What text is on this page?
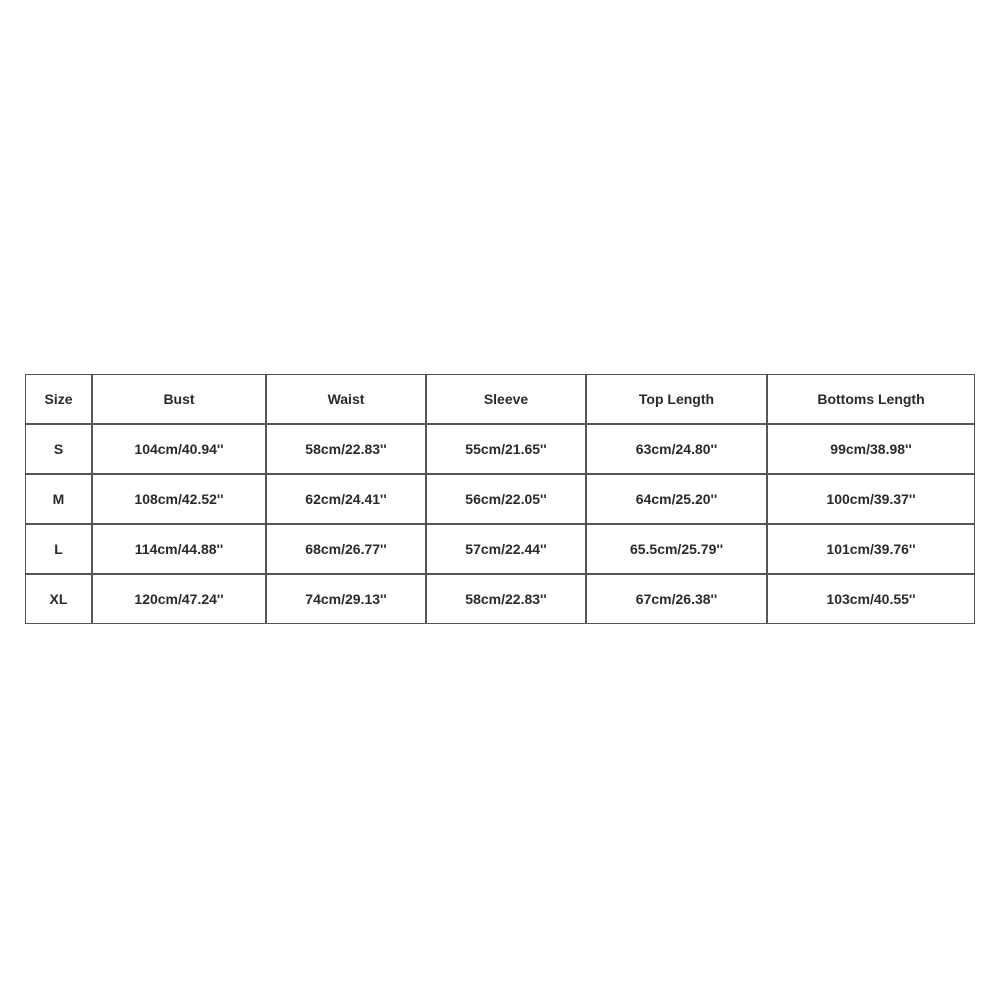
Size	Bust	Waist	Sleeve	Top Length	Bottoms Length
S	104cm/40.94''	58cm/22.83''	55cm/21.65''	63cm/24.80''	99cm/38.98''
M	108cm/42.52''	62cm/24.41''	56cm/22.05''	64cm/25.20''	100cm/39.37''
L	114cm/44.88''	68cm/26.77''	57cm/22.44''	65.5cm/25.79''	101cm/39.76''
XL	120cm/47.24''	74cm/29.13''	58cm/22.83''	67cm/26.38''	103cm/40.55''
